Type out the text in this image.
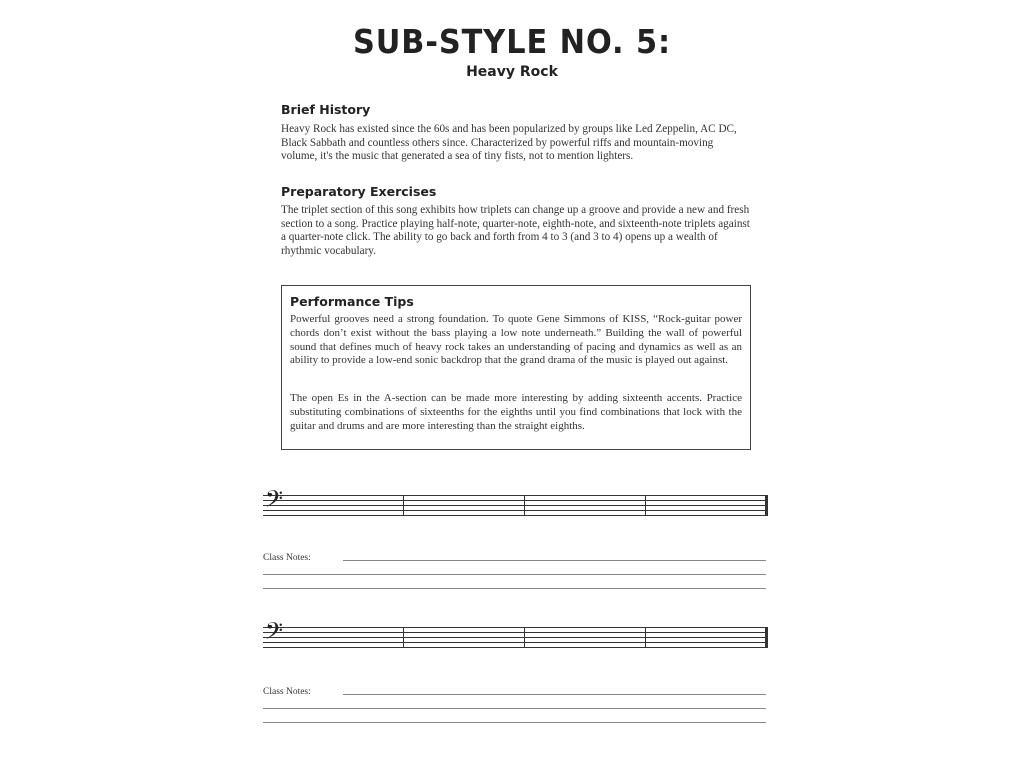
SUB-STYLE NO. 5:
Heavy Rock
Brief History
Heavy Rock has existed since the 60s and has been popularized by groups like Led Zeppelin, AC DC, Black Sabbath and countless others since. Characterized by powerful riffs and mountain-moving volume, it's the music that generated a sea of tiny fists, not to mention lighters.
Preparatory Exercises
The triplet section of this song exhibits how triplets can change up a groove and provide a new and fresh section to a song. Practice playing half-note, quarter-note, eighth-note, and sixteenth-note triplets against a quarter-note click. The ability to go back and forth from 4 to 3 (and 3 to 4) opens up a wealth of rhythmic vocabulary.
Performance Tips
Powerful grooves need a strong foundation. To quote Gene Simmons of KISS, “Rock-guitar power chords don’t exist without the bass playing a low note underneath.” Building the wall of powerful sound that defines much of heavy rock takes an understanding of pacing and dynamics as well as an ability to provide a low-end sonic backdrop that the grand drama of the music is played out against.
The open Es in the A-section can be made more interesting by adding sixteenth accents. Practice substituting combinations of sixteenths for the eighths until you find combinations that lock with the guitar and drums and are more interesting than the straight eighths.
𝄢
Class Notes:
𝄢
Class Notes:
